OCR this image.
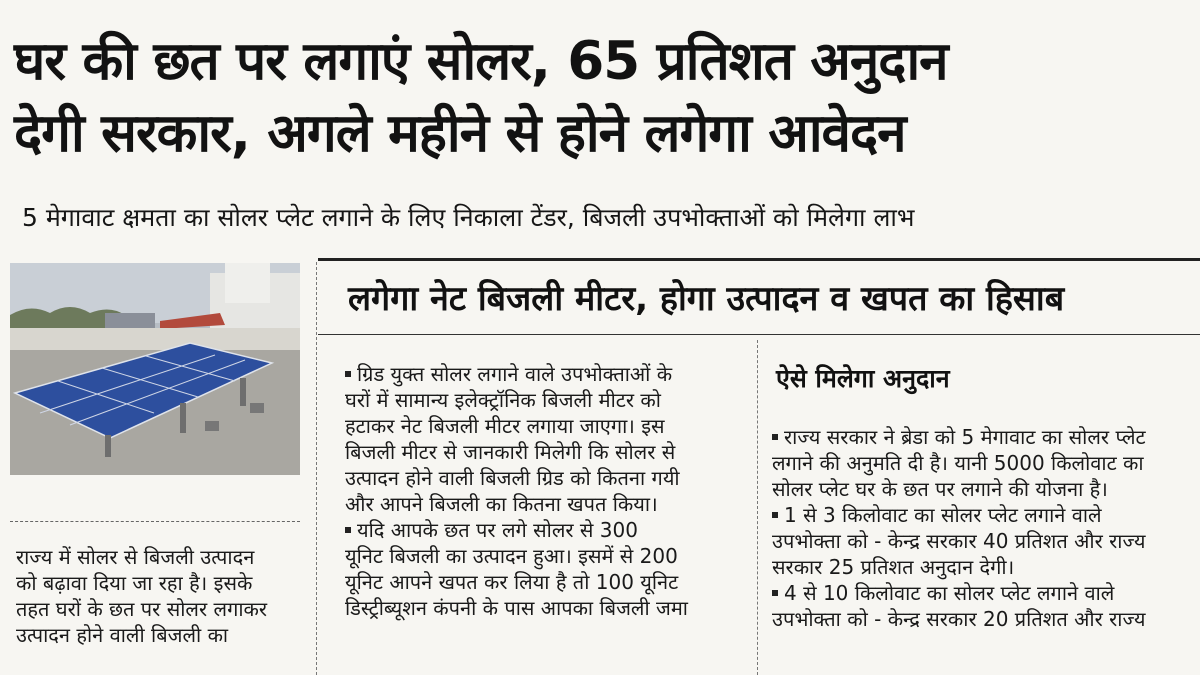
घर की छत पर लगाएं सोलर, 65 प्रतिशत अनुदान
देगी सरकार, अगले महीने से होने लगेगा आवेदन
5 मेगावाट क्षमता का सोलर प्लेट लगाने के लिए निकाला टेंडर, बिजली उपभोक्ताओं को मिलेगा लाभ

राज्य में सोलर से बिजली उत्पादन

को बढ़ावा दिया जा रहा है। इसके

तहत घरों के छत पर सोलर लगाकर

उत्पादन होने वाली बिजली का

लगेगा नेट बिजली मीटर, होगा उत्पादन व खपत का हिसाब

ग्रिड युक्त सोलर लगाने वाले उपभोक्ताओं के

घरों में सामान्य इलेक्ट्रॉनिक बिजली मीटर को

हटाकर नेट बिजली मीटर लगाया जाएगा। इस

बिजली मीटर से जानकारी मिलेगी कि सोलर से

उत्पादन होने वाली बिजली ग्रिड को कितना गयी

और आपने बिजली का कितना खपत किया।

यदि आपके छत पर लगे सोलर से 300

यूनिट बिजली का उत्पादन हुआ। इसमें से 200

यूनिट आपने खपत कर लिया है तो 100 यूनिट

डिस्ट्रीब्यूशन कंपनी के पास आपका बिजली जमा

ऐसे मिलेगा अनुदान

राज्य सरकार ने ब्रेडा को 5 मेगावाट का सोलर प्लेट

लगाने की अनुमति दी है। यानी 5000 किलोवाट का

सोलर प्लेट घर के छत पर लगाने की योजना है।

1 से 3 किलोवाट का सोलर प्लेट लगाने वाले

उपभोक्ता को - केन्द्र सरकार 40 प्रतिशत और राज्य

सरकार 25 प्रतिशत अनुदान देगी।

4 से 10 किलोवाट का सोलर प्लेट लगाने वाले

उपभोक्ता को - केन्द्र सरकार 20 प्रतिशत और राज्य
